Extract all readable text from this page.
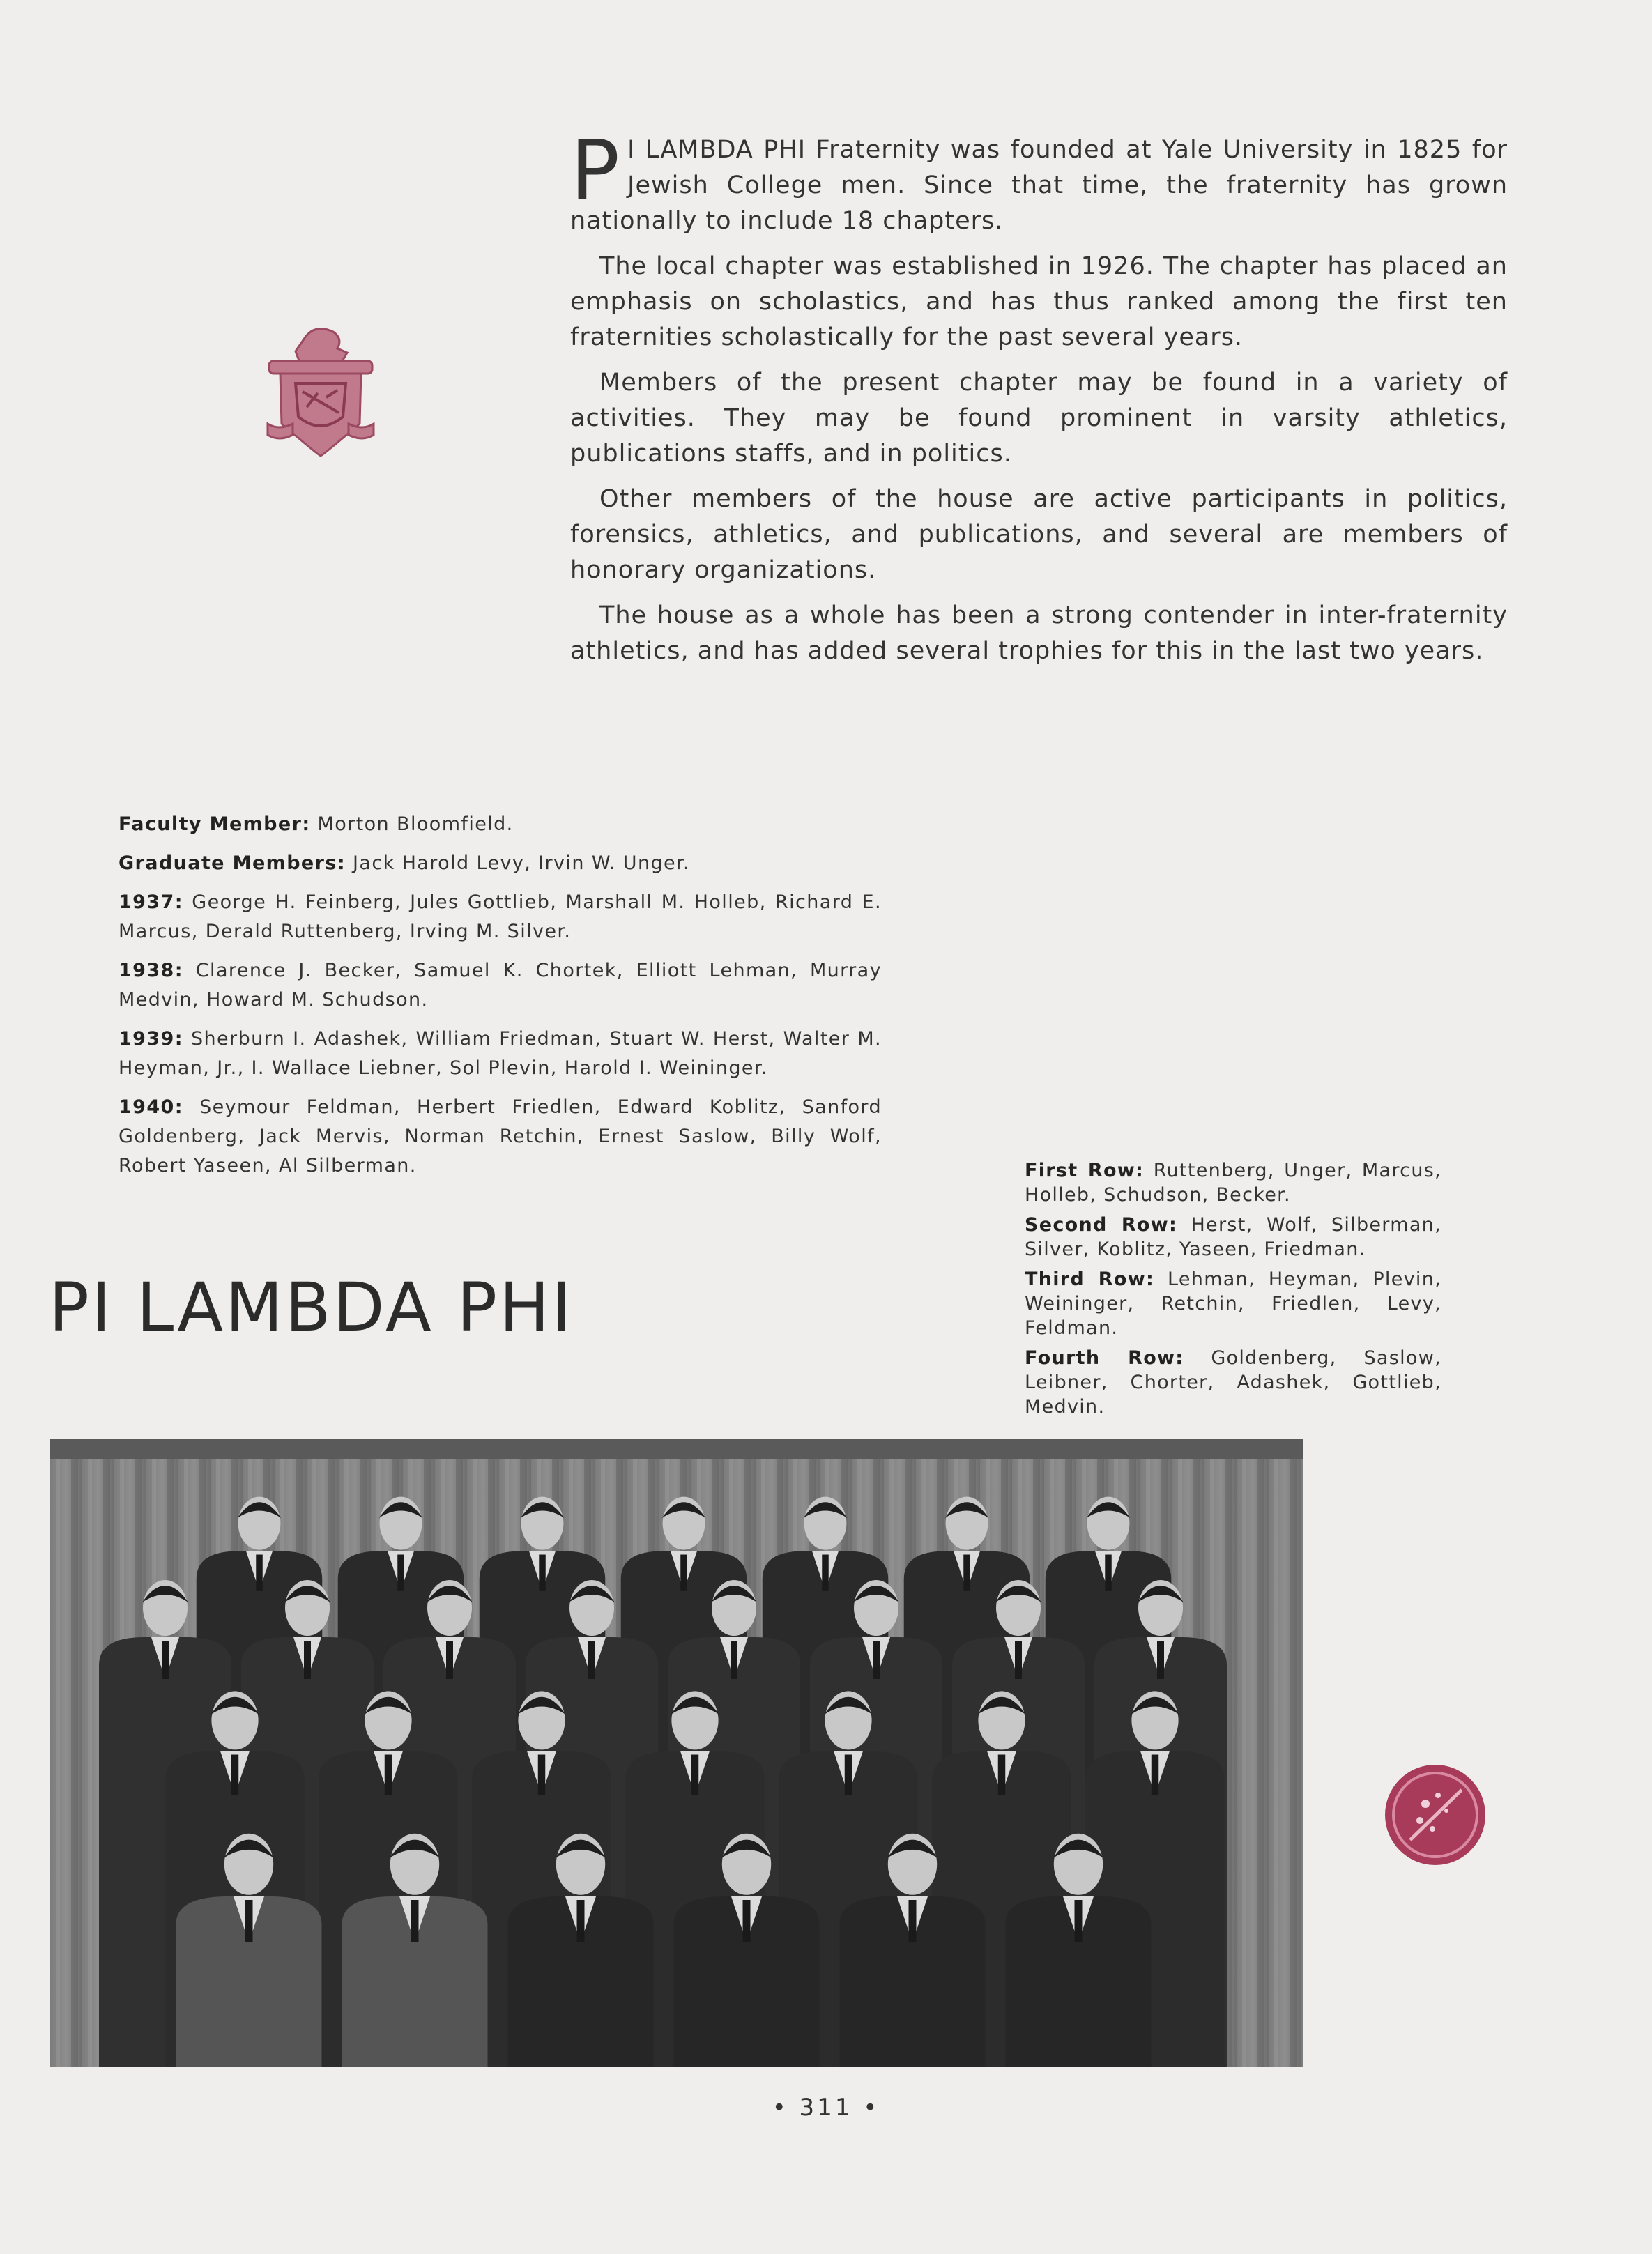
P I LAMBDA PHI Fraternity was founded at Yale University in 1825 for Jewish College men. Since that time, the fraternity has grown nationally to include 18 chapters.

The local chapter was established in 1926. The chapter has placed an emphasis on scholastics, and has thus ranked among the first ten fraternities scholastically for the past several years.

Members of the present chapter may be found in a variety of activities. They may be found prominent in varsity athletics, publications staffs, and in politics.

Other members of the house are active participants in politics, forensics, athletics, and publications, and several are members of honorary organizations.

The house as a whole has been a strong contender in inter-fraternity athletics, and has added several trophies for this in the last two years.

Faculty Member: Morton Bloomfield.

Graduate Members: Jack Harold Levy, Irvin W. Unger.

1937: George H. Feinberg, Jules Gottlieb, Marshall M. Holleb, Richard E. Marcus, Derald Ruttenberg, Irving M. Silver.

1938: Clarence J. Becker, Samuel K. Chortek, Elliott Lehman, Murray Medvin, Howard M. Schudson.

1939: Sherburn I. Adashek, William Friedman, Stuart W. Herst, Walter M. Heyman, Jr., I. Wallace Liebner, Sol Plevin, Harold I. Weininger.

1940: Seymour Feldman, Herbert Friedlen, Edward Koblitz, Sanford Goldenberg, Jack Mervis, Norman Retchin, Ernest Saslow, Billy Wolf, Robert Yaseen, Al Silberman.

PI LAMBDA PHI

First Row: Ruttenberg, Unger, Marcus, Holleb, Schudson, Becker.

Second Row: Herst, Wolf, Silberman, Silver, Koblitz, Yaseen, Friedman.

Third Row: Lehman, Heyman, Plevin, Weininger, Retchin, Friedlen, Levy, Feldman.

Fourth Row: Goldenberg, Saslow, Leibner, Chorter, Adashek, Gottlieb, Medvin.

• 311 •
